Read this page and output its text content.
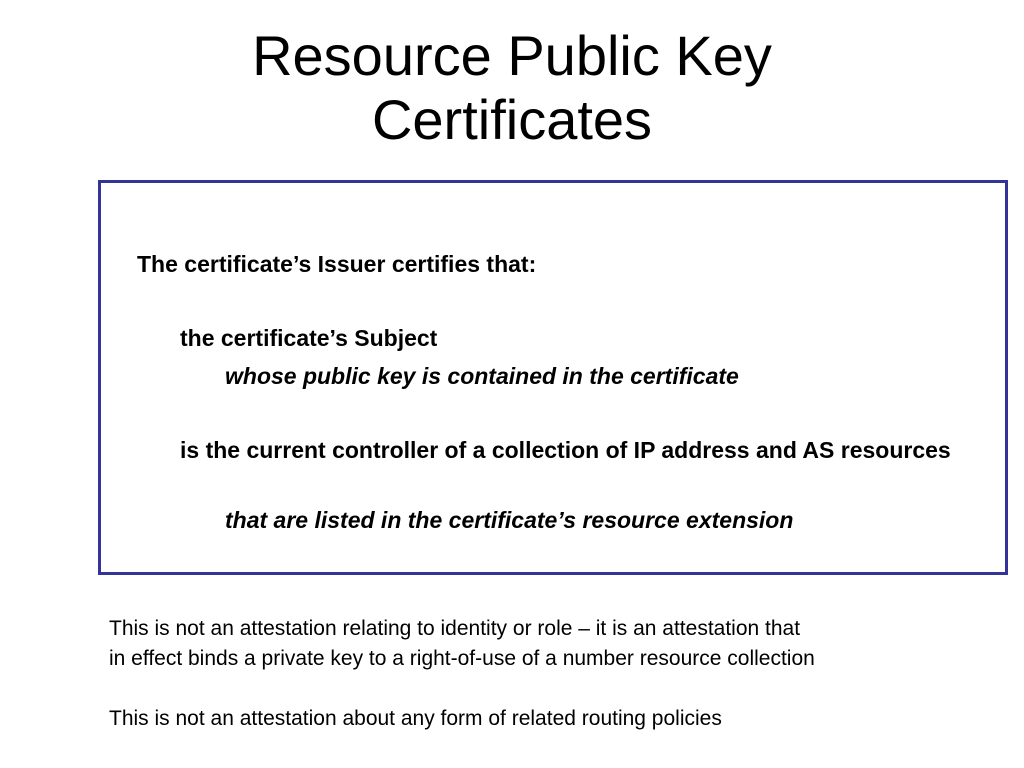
Resource Public Key
Certificates
The certificate’s Issuer certifies that:
the certificate’s Subject
whose public key is contained in the certificate
is the current controller of a collection of IP address and AS resources
that are listed in the certificate’s resource extension
This is not an attestation relating to identity or role – it is an attestation that
in effect binds a private key to a right-of-use of a number resource collection
This is not an attestation about any form of related routing policies
